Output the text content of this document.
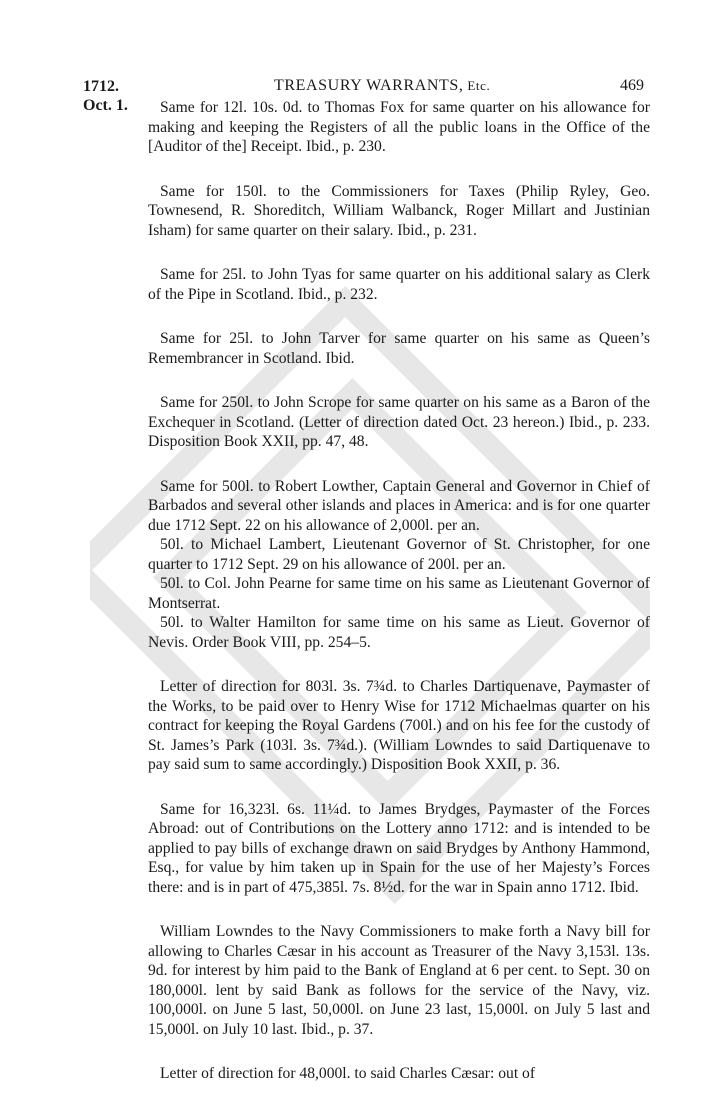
1712.
Oct. 1.
TREASURY WARRANTS, Etc.	469

Same for 12l. 10s. 0d. to Thomas Fox for same quarter on his allowance for making and keeping the Registers of all the public loans in the Office of the [Auditor of the] Receipt. Ibid., p. 230.

Same for 150l. to the Commissioners for Taxes (Philip Ryley, Geo. Townesend, R. Shoreditch, William Walbanck, Roger Millart and Justinian Isham) for same quarter on their salary. Ibid., p. 231.

Same for 25l. to John Tyas for same quarter on his additional salary as Clerk of the Pipe in Scotland. Ibid., p. 232.

Same for 25l. to John Tarver for same quarter on his same as Queen’s Remembrancer in Scotland. Ibid.

Same for 250l. to John Scrope for same quarter on his same as a Baron of the Exchequer in Scotland. (Letter of direction dated Oct. 23 hereon.) Ibid., p. 233. Disposition Book XXII, pp. 47, 48.

Same for 500l. to Robert Lowther, Captain General and Governor in Chief of Barbados and several other islands and places in America: and is for one quarter due 1712 Sept. 22 on his allowance of 2,000l. per an.

50l. to Michael Lambert, Lieutenant Governor of St. Christopher, for one quarter to 1712 Sept. 29 on his allowance of 200l. per an.

50l. to Col. John Pearne for same time on his same as Lieutenant Governor of Montserrat.

50l. to Walter Hamilton for same time on his same as Lieut. Governor of Nevis. Order Book VIII, pp. 254–5.

Letter of direction for 803l. 3s. 7¾d. to Charles Dartiquenave, Paymaster of the Works, to be paid over to Henry Wise for 1712 Michaelmas quarter on his contract for keeping the Royal Gardens (700l.) and on his fee for the custody of St. James’s Park (103l. 3s. 7¾d.). (William Lowndes to said Dartiquenave to pay said sum to same accordingly.) Disposition Book XXII, p. 36.

Same for 16,323l. 6s. 11¼d. to James Brydges, Paymaster of the Forces Abroad: out of Contributions on the Lottery anno 1712: and is intended to be applied to pay bills of exchange drawn on said Brydges by Anthony Hammond, Esq., for value by him taken up in Spain for the use of her Majesty’s Forces there: and is in part of 475,385l. 7s. 8½d. for the war in Spain anno 1712. Ibid.

William Lowndes to the Navy Commissioners to make forth a Navy bill for allowing to Charles Cæsar in his account as Treasurer of the Navy 3,153l. 13s. 9d. for interest by him paid to the Bank of England at 6 per cent. to Sept. 30 on 180,000l. lent by said Bank as follows for the service of the Navy, viz. 100,000l. on June 5 last, 50,000l. on June 23 last, 15,000l. on July 5 last and 15,000l. on July 10 last. Ibid., p. 37.

Letter of direction for 48,000l. to said Charles Cæsar: out of
